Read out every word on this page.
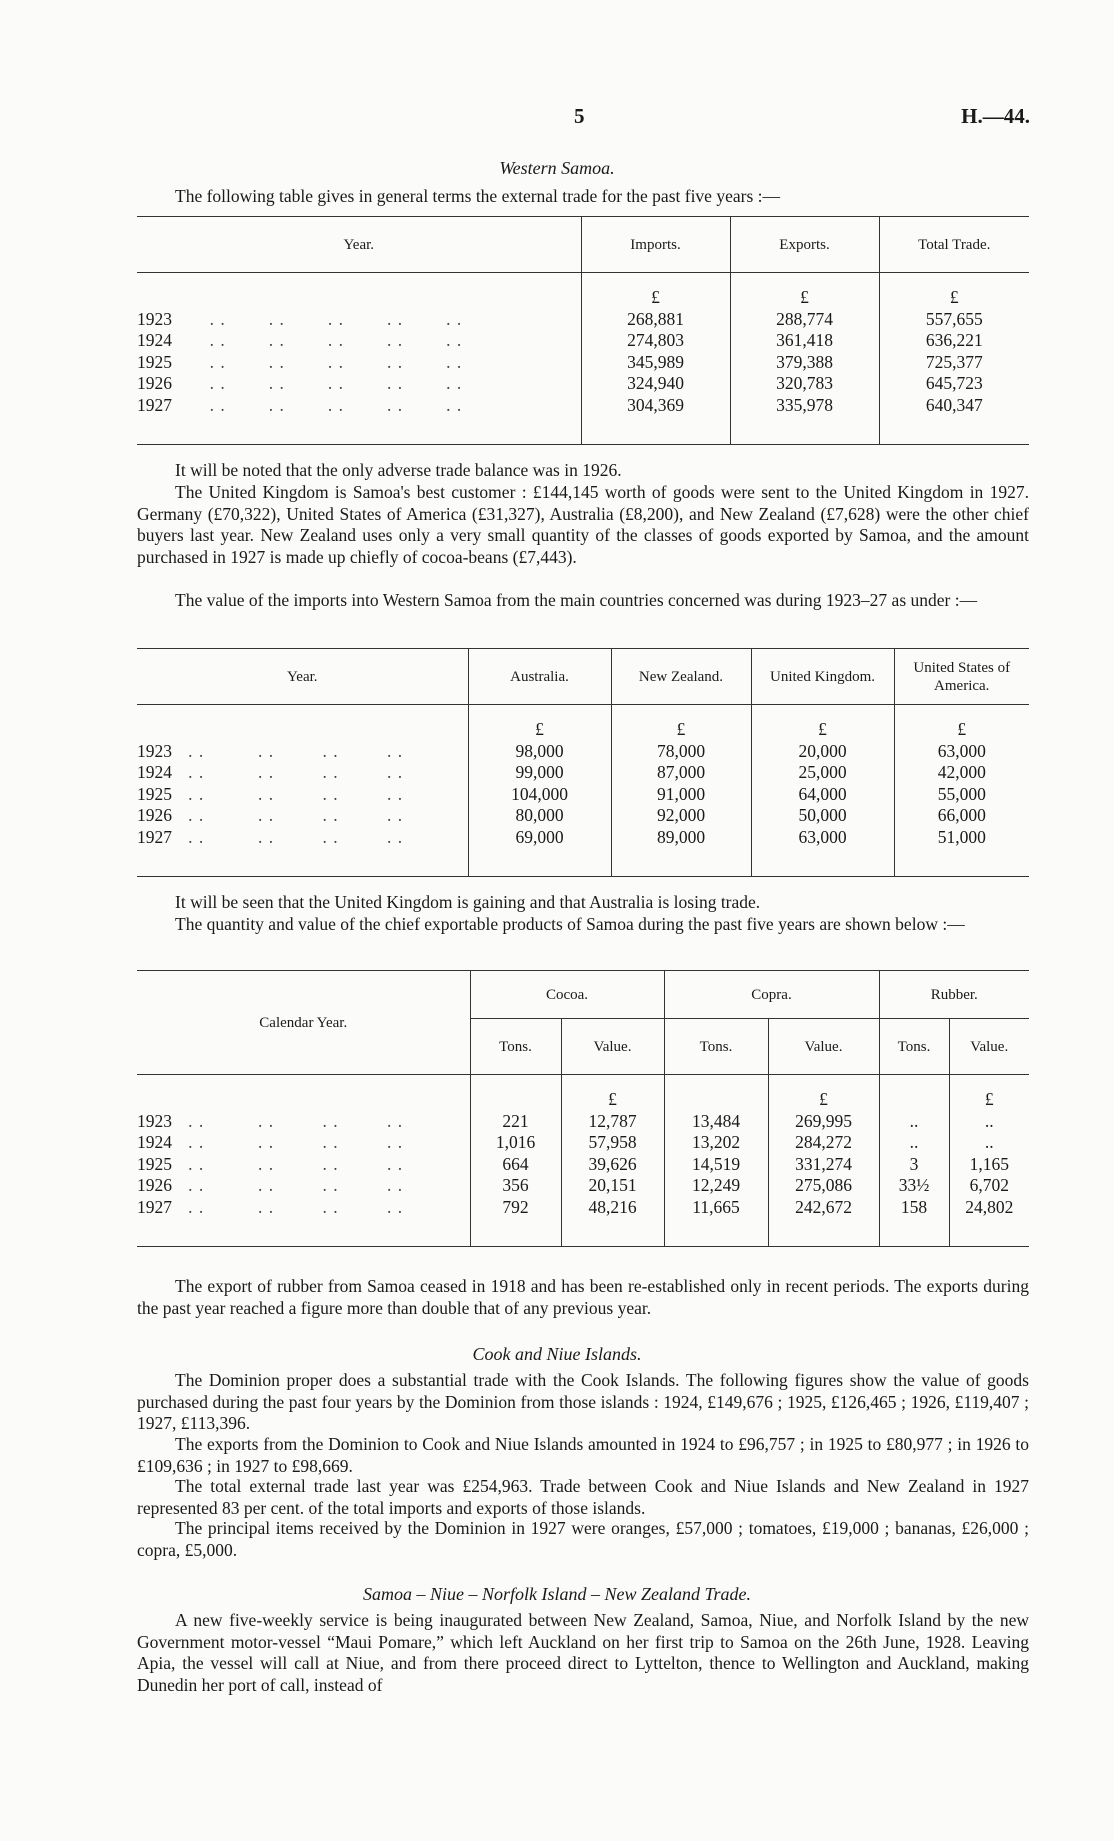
5	H.—44.
Western Samoa.
The following table gives in general terms the external trade for the past five years :—
Year.	Imports.	Exports.	Total Trade.
	£	£	£
1923       . .        . .        . .        . .        . .	268,881	288,774	557,655
1924       . .        . .        . .        . .        . .	274,803	361,418	636,221
1925       . .        . .        . .        . .        . .	345,989	379,388	725,377
1926       . .        . .        . .        . .        . .	324,940	320,783	645,723
1927       . .        . .        . .        . .        . .	304,369	335,978	640,347

It will be noted that the only adverse trade balance was in 1926.
The United Kingdom is Samoa's best customer : £144,145 worth of goods were sent to the United Kingdom in 1927. Germany (£70,322), United States of America (£31,327), Australia (£8,200), and New Zealand (£7,628) were the other chief buyers last year. New Zealand uses only a very small quantity of the classes of goods exported by Samoa, and the amount purchased in 1927 is made up chiefly of cocoa-beans (£7,443).
The value of the imports into Western Samoa from the main countries concerned was during 1923–27 as under :—
Year.	Australia.	New Zealand.	United Kingdom.	United States of America.
	£	£	£	£
1923   . .          . .         . .         . .	98,000	78,000	20,000	63,000
1924   . .          . .         . .         . .	99,000	87,000	25,000	42,000
1925   . .          . .         . .         . .	104,000	91,000	64,000	55,000
1926   . .          . .         . .         . .	80,000	92,000	50,000	66,000
1927   . .          . .         . .         . .	69,000	89,000	63,000	51,000

It will be seen that the United Kingdom is gaining and that Australia is losing trade.
The quantity and value of the chief exportable products of Samoa during the past five years are shown below :—
Calendar Year.	Cocoa.		Copra.		Rubber.	
	Tons.	Value.	Tons.	Value.	Tons.	Value.
		£		£		£
1923   . .          . .         . .         . .	221	12,787	13,484	269,995	..	..
1924   . .          . .         . .         . .	1,016	57,958	13,202	284,272	..	..
1925   . .          . .         . .         . .	664	39,626	14,519	331,274	3	1,165
1926   . .          . .         . .         . .	356	20,151	12,249	275,086	33½	6,702
1927   . .          . .         . .         . .	792	48,216	11,665	242,672	158	24,802

The export of rubber from Samoa ceased in 1918 and has been re-established only in recent periods. The exports during the past year reached a figure more than double that of any previous year.
Cook and Niue Islands.
The Dominion proper does a substantial trade with the Cook Islands. The following figures show the value of goods purchased during the past four years by the Dominion from those islands : 1924, £149,676 ; 1925, £126,465 ; 1926, £119,407 ; 1927, £113,396.
The exports from the Dominion to Cook and Niue Islands amounted in 1924 to £96,757 ; in 1925 to £80,977 ; in 1926 to £109,636 ; in 1927 to £98,669.
The total external trade last year was £254,963. Trade between Cook and Niue Islands and New Zealand in 1927 represented 83 per cent. of the total imports and exports of those islands.
The principal items received by the Dominion in 1927 were oranges, £57,000 ; tomatoes, £19,000 ; bananas, £26,000 ; copra, £5,000.
Samoa – Niue – Norfolk Island – New Zealand Trade.
A new five-weekly service is being inaugurated between New Zealand, Samoa, Niue, and Norfolk Island by the new Government motor-vessel “Maui Pomare,” which left Auckland on her first trip to Samoa on the 26th June, 1928. Leaving Apia, the vessel will call at Niue, and from there proceed direct to Lyttelton, thence to Wellington and Auckland, making Dunedin her port of call, instead of
